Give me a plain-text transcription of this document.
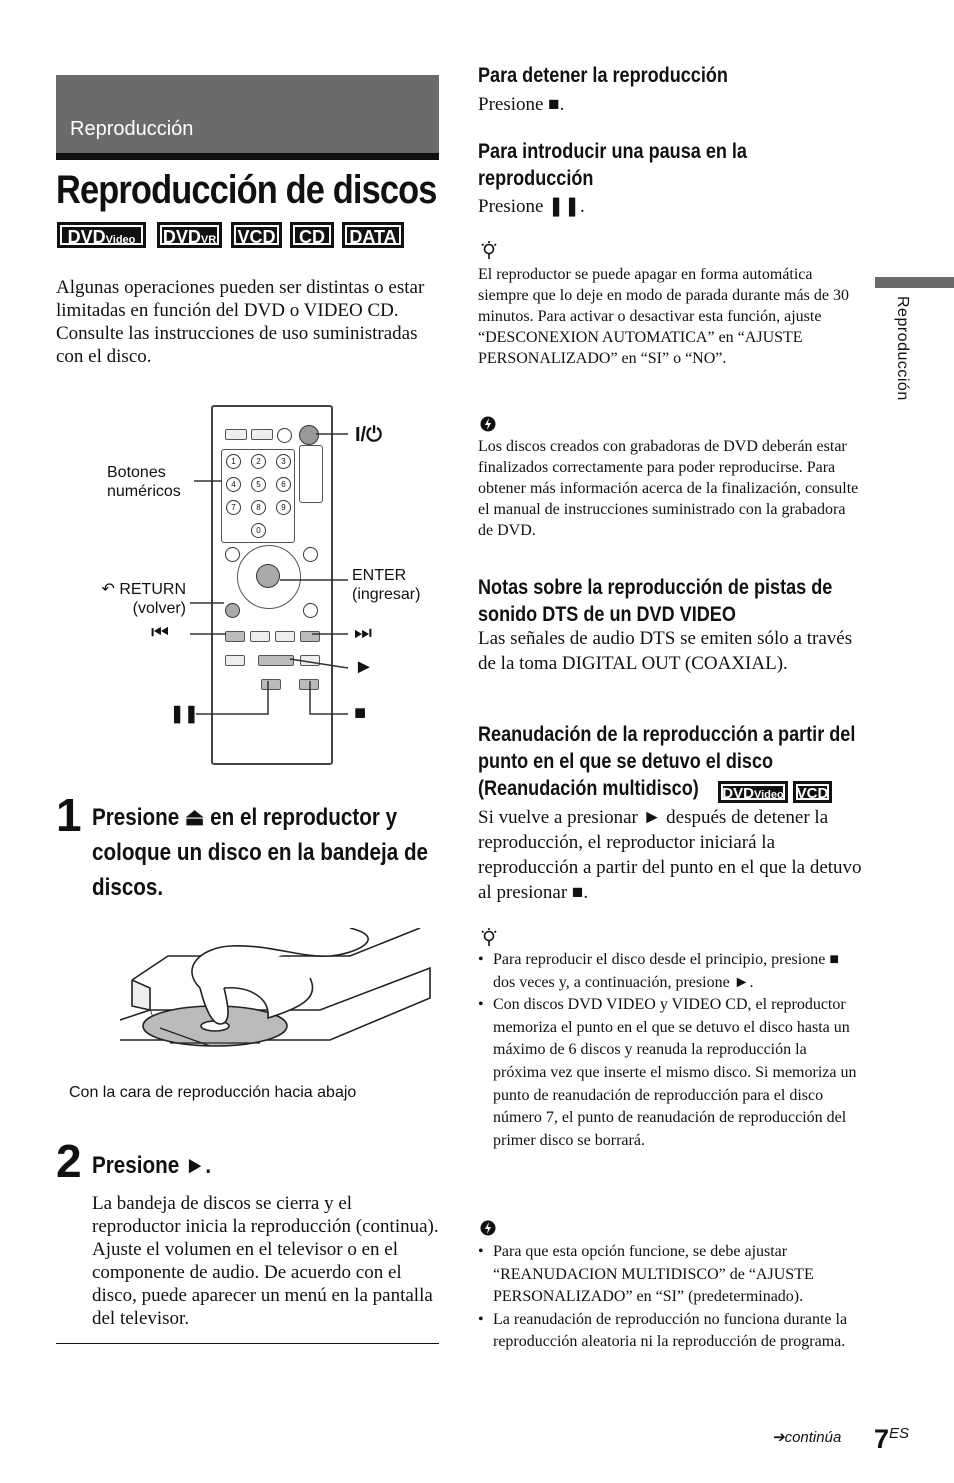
Reproducción
Reproducción de discos
DVDVideo	DVDVR	VCD	CD	DATA

Algunas operaciones pueden ser distintas o estar limitadas en función del DVD o VIDEO CD.

Consulte las instrucciones de uso suministradas con el disco.

1	2	3
4	5	6
7	8	9
0
I/⏻
Botones numéricos
ENTER
(ingresar)
↶ RETURN
(volver)
⏮	⏭
►
❚❚	■
1 Presione ⏏ en el reproductor y coloque un disco en la bandeja de discos.
Con la cara de reproducción hacia abajo
2 Presione ►.
La bandeja de discos se cierra y el reproductor inicia la reproducción (continua). Ajuste el volumen en el televisor o en el componente de audio. De acuerdo con el disco, puede aparecer un menú en la pantalla del televisor.
Para detener la reproducción
Presione ■.
Para introducir una pausa en la reproducción
Presione ❚❚.
El reproductor se puede apagar en forma automática siempre que lo deje en modo de parada durante más de 30 minutos. Para activar o desactivar esta función, ajuste “DESCONEXION AUTOMATICA” en “AJUSTE PERSONALIZADO” en “SI” o “NO”.
Los discos creados con grabadoras de DVD deberán estar finalizados correctamente para poder reproducirse. Para obtener más información acerca de la finalización, consulte el manual de instrucciones suministrado con la grabadora de DVD.
Notas sobre la reproducción de pistas de sonido DTS de un DVD VIDEO
Las señales de audio DTS se emiten sólo a través de la toma DIGITAL OUT (COAXIAL).
Reanudación de la reproducción a partir del punto en el que se detuvo el disco (Reanudación multidisco)	DVDVideo VCD
Si vuelve a presionar ► después de detener la reproducción, el reproductor iniciará la reproducción a partir del punto en el que la detuvo al presionar ■.
• Para reproducir el disco desde el principio, presione ■ dos veces y, a continuación, presione ►.
• Con discos DVD VIDEO y VIDEO CD, el reproductor memoriza el punto en el que se detuvo el disco hasta un máximo de 6 discos y reanuda la reproducción la próxima vez que inserte el mismo disco. Si memoriza un punto de reanudación de reproducción para el disco número 7, el punto de reanudación de reproducción del primer disco se borrará.
• Para que esta opción funcione, se debe ajustar “REANUDACION MULTIDISCO” de “AJUSTE PERSONALIZADO” en “SI” (predeterminado).
• La reanudación de reproducción no funciona durante la reproducción aleatoria ni la reproducción de programa.
Reproducción
➔continúa $7^{ES}$
